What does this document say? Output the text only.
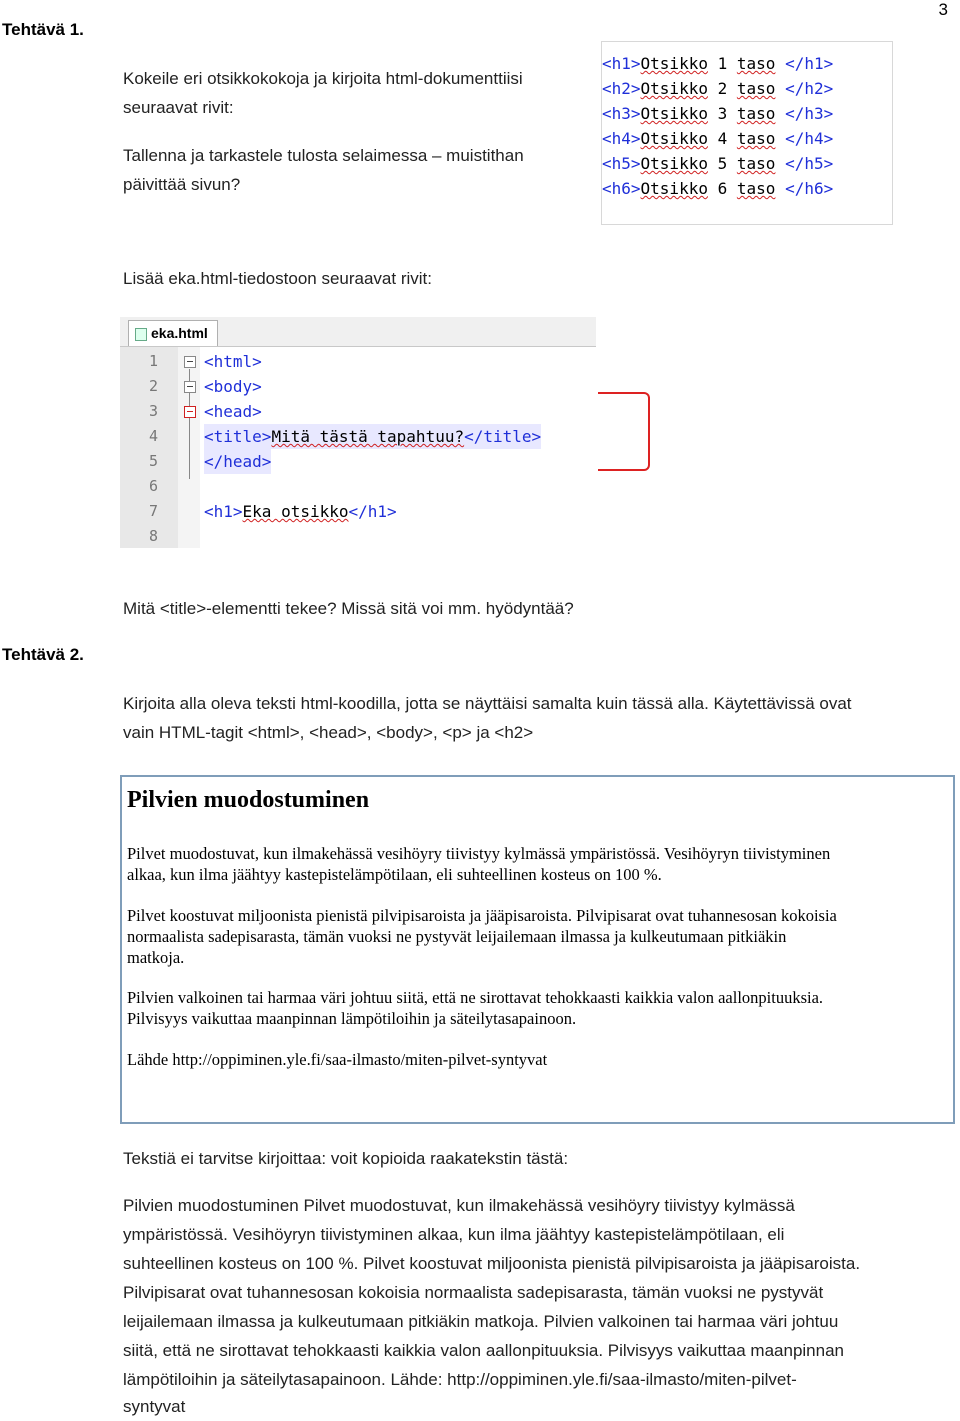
3
Tehtävä 1.
Kokeile eri otsikkokokoja ja kirjoita html-dokumenttiisi
seuraavat rivit:
Tallenna ja tarkastele tulosta selaimessa – muistithan
päivittää sivun?
<h1>Otsikko 1 taso </h1>
<h2>Otsikko 2 taso </h2>
<h3>Otsikko 3 taso </h3>
<h4>Otsikko 4 taso </h4>
<h5>Otsikko 5 taso </h5>
<h6>Otsikko 6 taso </h6>
Lisää eka.html-tiedostoon seuraavat rivit:
eka.html
1	<html>
2	<body>
3	<head>
4	<title>Mitä tästä tapahtuu?</title>
5	</head>
6
7	<h1>Eka otsikko</h1>
8
Mitä <title>-elementti tekee? Missä sitä voi mm. hyödyntää?
Tehtävä 2.
Kirjoita alla oleva teksti html-koodilla, jotta se näyttäisi samalta kuin tässä alla. Käytettävissä ovat
vain HTML-tagit <html>, <head>, <body>, <p> ja <h2>
Pilvien muodostuminen

Pilvet muodostuvat, kun ilmakehässä vesihöyry tiivistyy kylmässä ympäristössä. Vesihöyryn tiivistyminen

alkaa, kun ilma jäähtyy kastepistelämpötilaan, eli suhteellinen kosteus on 100 %.

Pilvet koostuvat miljoonista pienistä pilvipisaroista ja jääpisaroista. Pilvipisarat ovat tuhannesosan kokoisia

normaalista sadepisarasta, tämän vuoksi ne pystyvät leijailemaan ilmassa ja kulkeutumaan pitkiäkin

matkoja.

Pilvien valkoinen tai harmaa väri johtuu siitä, että ne sirottavat tehokkaasti kaikkia valon aallonpituuksia.

Pilvisyys vaikuttaa maanpinnan lämpötiloihin ja säteilytasapainoon.

Lähde http://oppiminen.yle.fi/saa-ilmasto/miten-pilvet-syntyvat

Tekstiä ei tarvitse kirjoittaa: voit kopioida raakatekstin tästä:
Pilvien muodostuminen Pilvet muodostuvat, kun ilmakehässä vesihöyry tiivistyy kylmässä
ympäristössä. Vesihöyryn tiivistyminen alkaa, kun ilma jäähtyy kastepistelämpötilaan, eli
suhteellinen kosteus on 100 %. Pilvet koostuvat miljoonista pienistä pilvipisaroista ja jääpisaroista.
Pilvipisarat ovat tuhannesosan kokoisia normaalista sadepisarasta, tämän vuoksi ne pystyvät
leijailemaan ilmassa ja kulkeutumaan pitkiäkin matkoja. Pilvien valkoinen tai harmaa väri johtuu
siitä, että ne sirottavat tehokkaasti kaikkia valon aallonpituuksia. Pilvisyys vaikuttaa maanpinnan
lämpötiloihin ja säteilytasapainoon. Lähde: http://oppiminen.yle.fi/saa-ilmasto/miten-pilvet-
syntyvat
